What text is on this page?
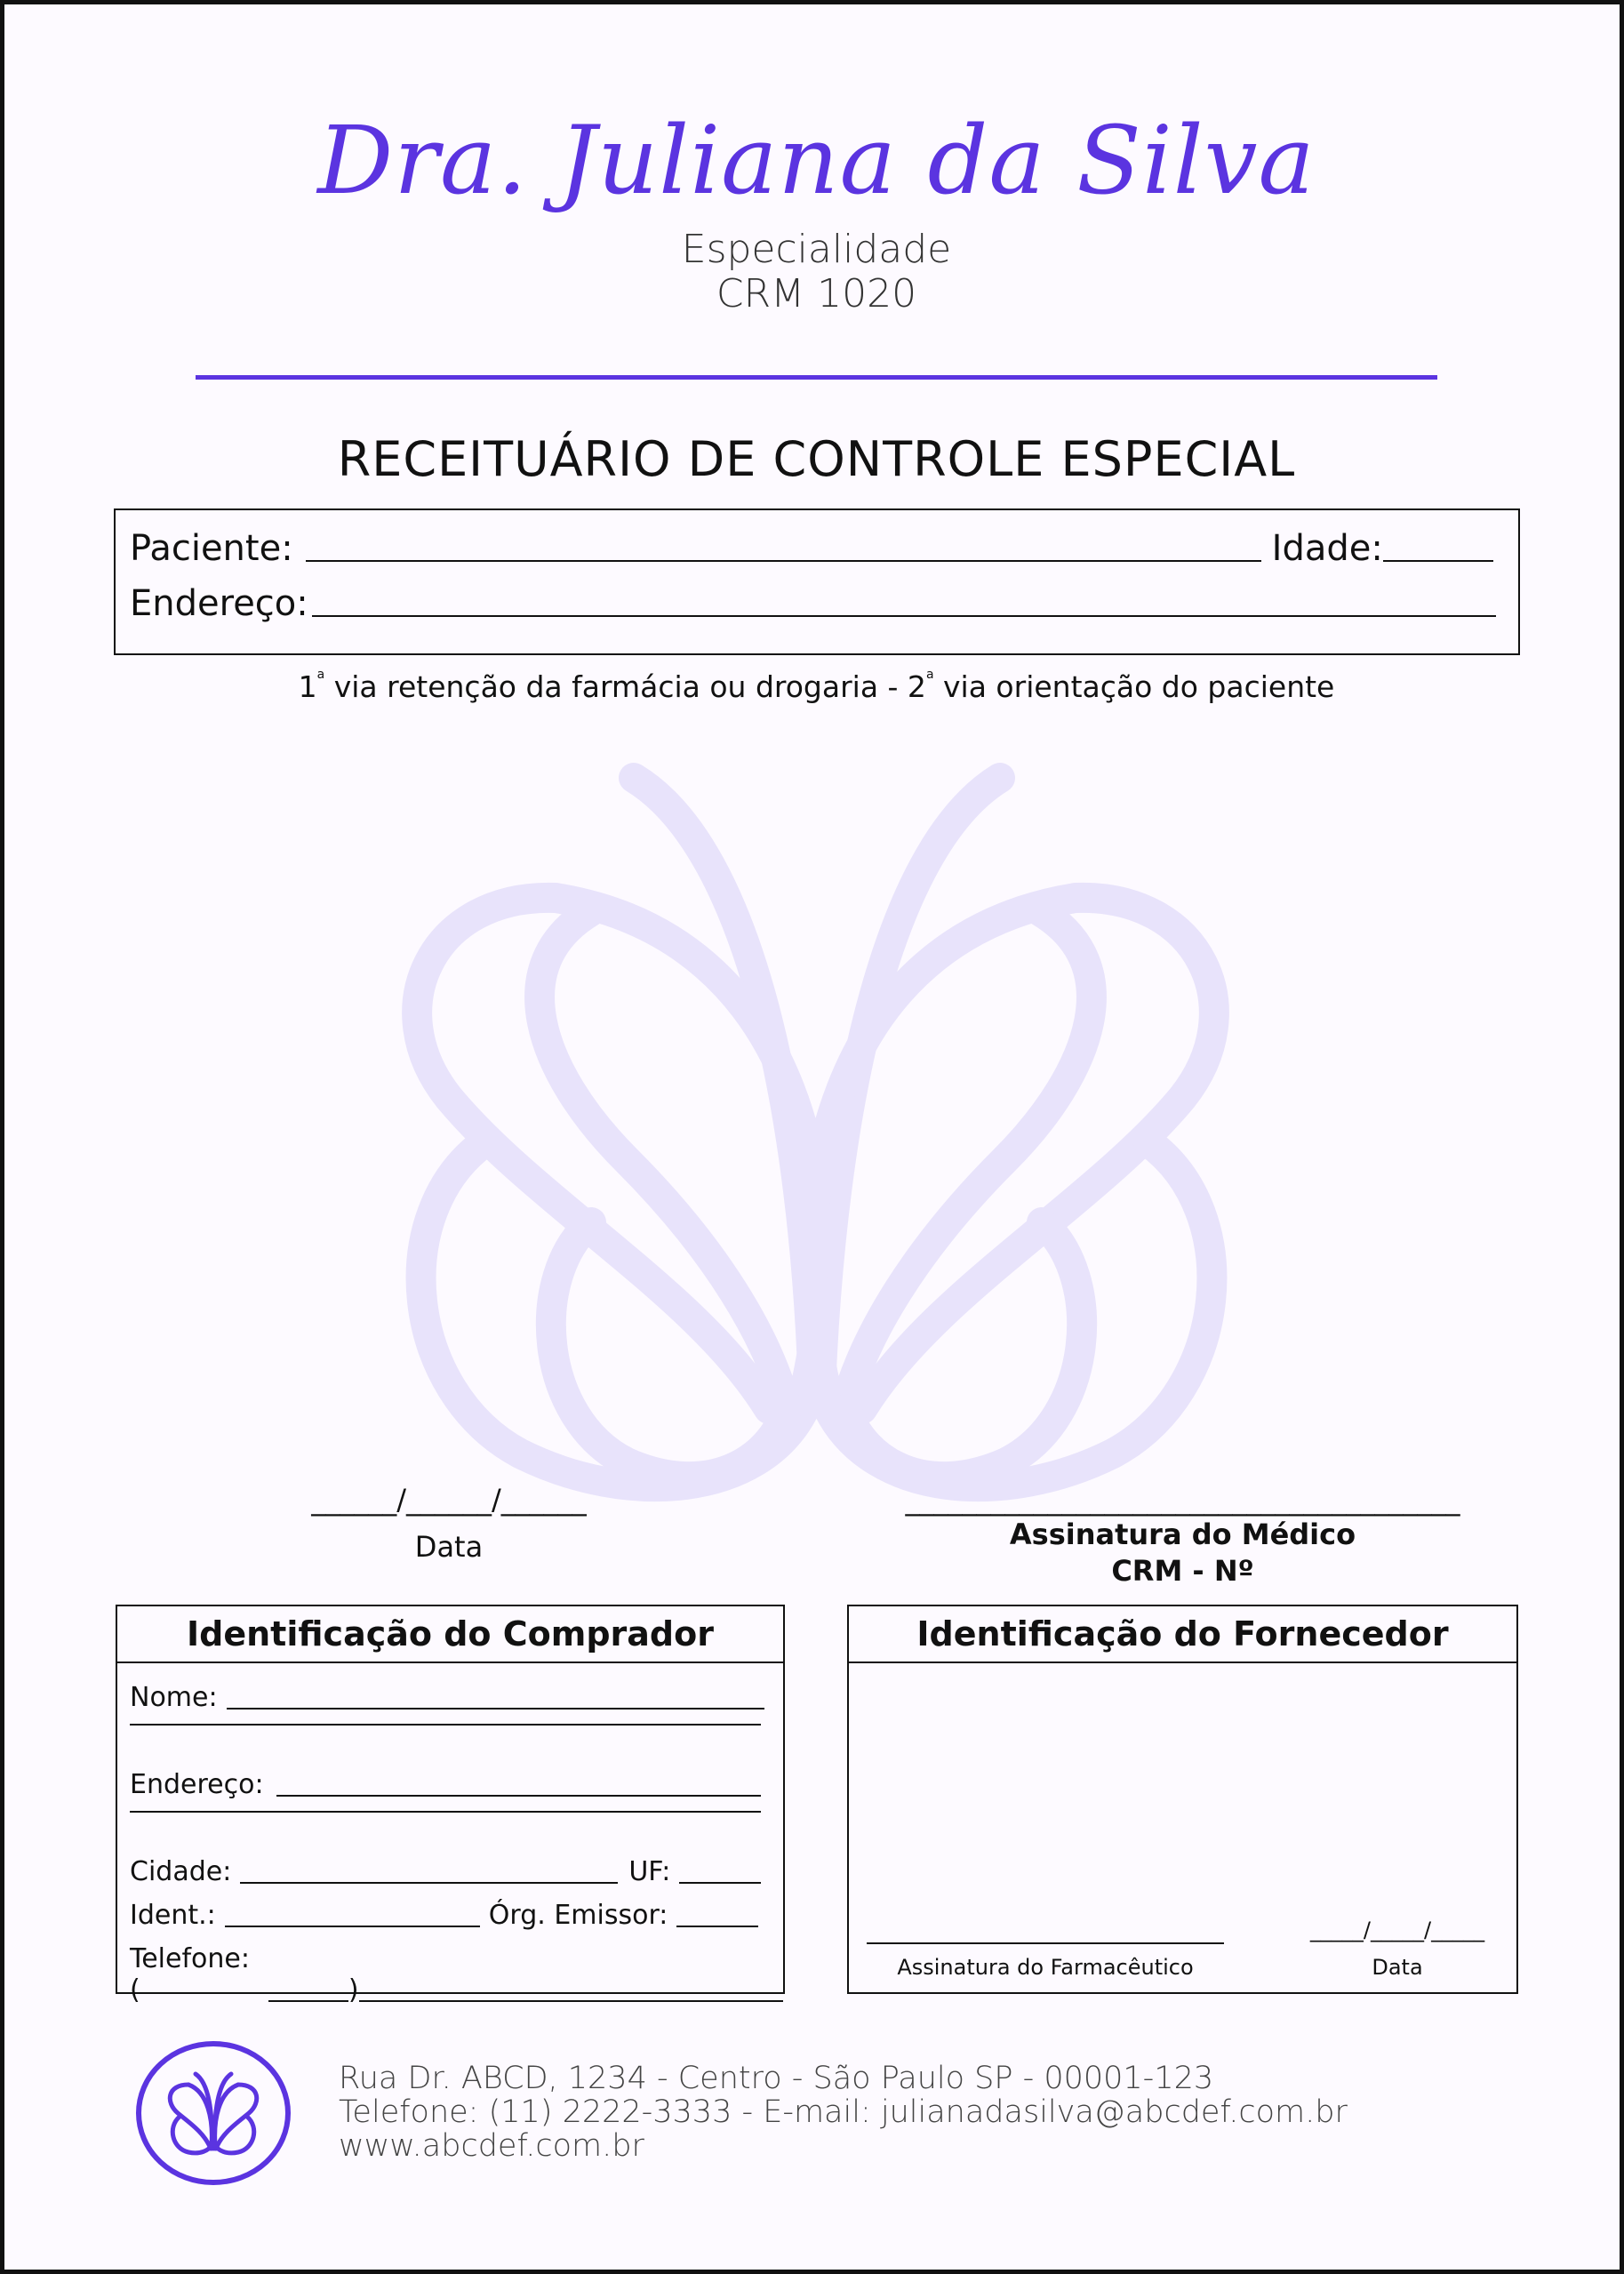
Dra. Juliana da Silva
Especialidade
CRM 1020
RECEITUÁRIO DE CONTROLE ESPECIAL
Paciente:	Idade:
Endereço:
1$^a$ via retenção da farmácia ou drogaria - 2$^a$ via orientação do paciente
______/______/______
Data
_______________________________________
Assinatura do Médico
CRM - Nº
Identificação do Comprador
Nome:
Endereço:
Cidade:	UF:
Ident.:	Órg. Emissor:
Telefone: (	)
Identificação do Fornecedor
Assinatura do Farmacêutico
_____/_____/_____
Data
Rua Dr. ABCD, 1234 - Centro - São Paulo SP - 00001-123
Telefone: (11) 2222-3333 - E-mail: julianadasilva@abcdef.com.br
www.abcdef.com.br
